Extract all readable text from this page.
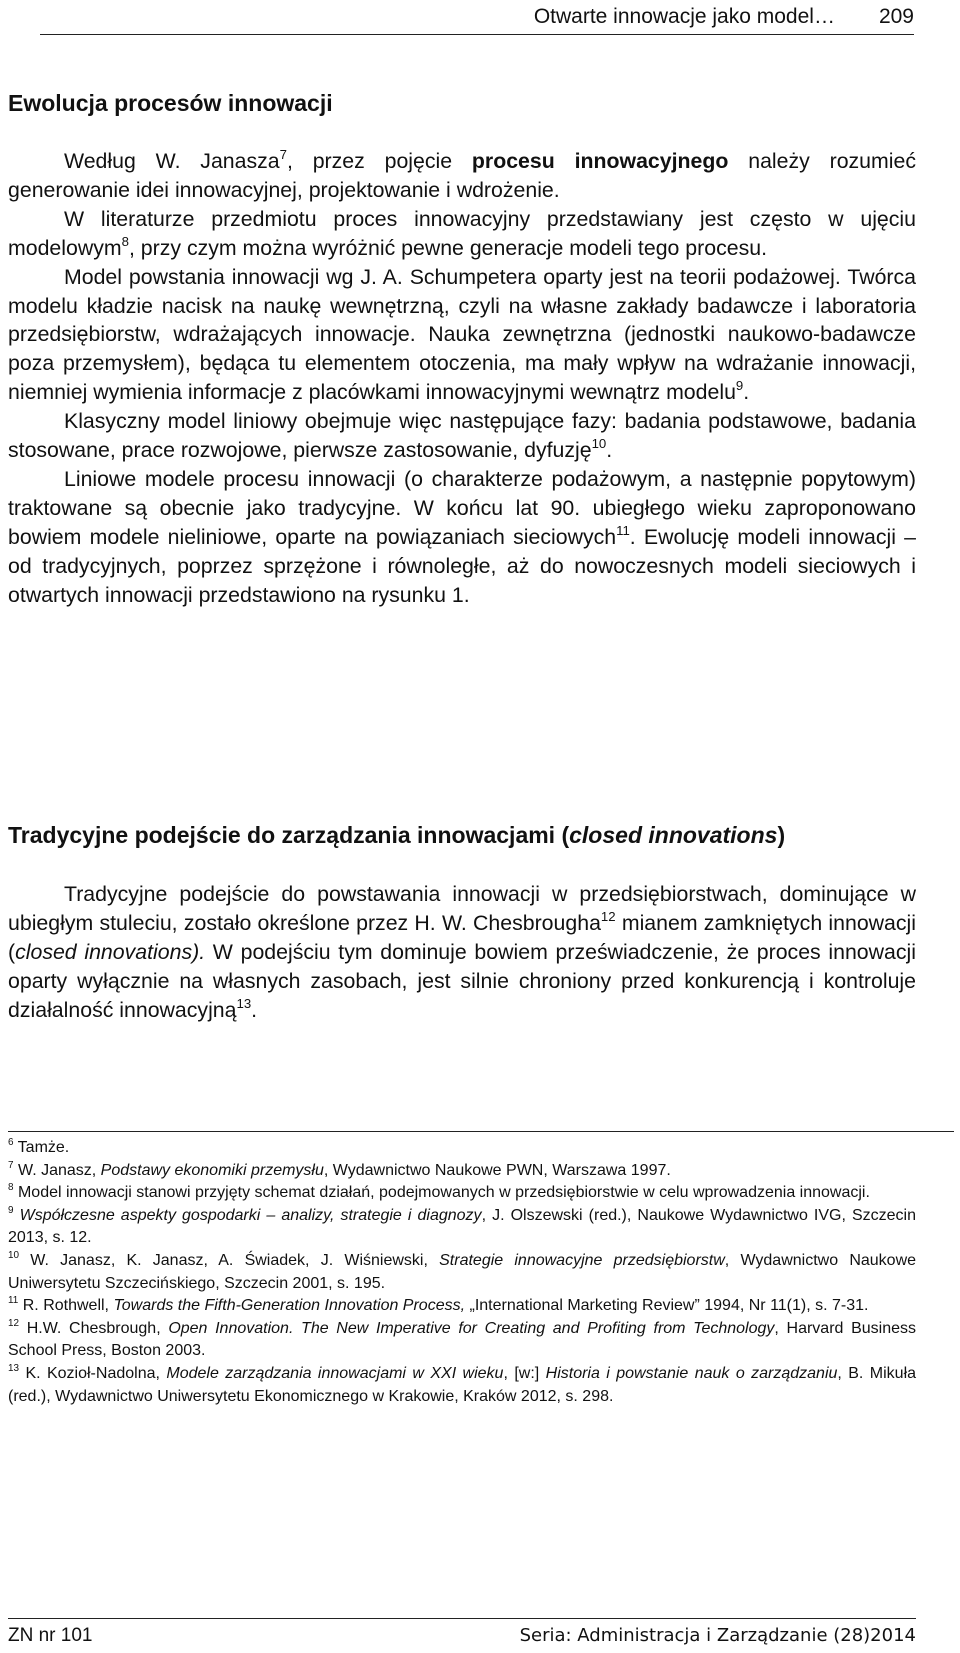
Otwarte innowacje jako model… 209
Ewolucja procesów innowacji

Według W. Janasza$^7$, przez pojęcie procesu innowacyjnego należy rozumieć generowanie idei innowacyjnej, projektowanie i wdrożenie.

W literaturze przedmiotu proces innowacyjny przedstawiany jest często w ujęciu modelowym$^8$, przy czym można wyróżnić pewne generacje modeli tego procesu.

Model powstania innowacji wg J. A. Schumpetera oparty jest na teorii podażowej. Twórca modelu kładzie nacisk na naukę wewnętrzną, czyli na własne zakłady badawcze i laboratoria przedsiębiorstw, wdrażających innowacje. Nauka zewnętrzna (jednostki naukowo-badawcze poza przemysłem), będąca tu elementem otoczenia, ma mały wpływ na wdrażanie innowacji, niemniej wymienia informacje z placówkami innowacyjnymi wewnątrz modelu$^9$.

Klasyczny model liniowy obejmuje więc następujące fazy: badania podstawowe, badania stosowane, prace rozwojowe, pierwsze zastosowanie, dyfuzję$^{10}$.

Liniowe modele procesu innowacji (o charakterze podażowym, a następnie popytowym) traktowane są obecnie jako tradycyjne. W końcu lat 90. ubiegłego wieku zaproponowano bowiem modele nieliniowe, oparte na powiązaniach sieciowych$^{11}$. Ewolucję modeli innowacji – od tradycyjnych, poprzez sprzężone i równoległe, aż do nowoczesnych modeli sieciowych i otwartych innowacji przedstawiono na rysunku 1.

Tradycyjne podejście do zarządzania innowacjami (closed innovations)

Tradycyjne podejście do powstawania innowacji w przedsiębiorstwach, dominujące w ubiegłym stuleciu, zostało określone przez H. W. Chesbrougha$^{12}$ mianem zamkniętych innowacji (closed innovations). W podejściu tym dominuje bowiem przeświadczenie, że proces innowacji oparty wyłącznie na własnych zasobach, jest silnie chroniony przed konkurencją i kontroluje działalność innowacyjną$^{13}$.

$^6$ Tamże.

$^7$ W. Janasz, Podstawy ekonomiki przemysłu, Wydawnictwo Naukowe PWN, Warszawa 1997.

$^8$ Model innowacji stanowi przyjęty schemat działań, podejmowanych w przedsiębiorstwie w celu wprowadzenia innowacji.

$^9$ Współczesne aspekty gospodarki – analizy, strategie i diagnozy, J. Olszewski (red.), Naukowe Wydawnictwo IVG, Szczecin 2013, s. 12.

$^{10}$ W. Janasz, K. Janasz, A. Świadek, J. Wiśniewski, Strategie innowacyjne przedsiębiorstw, Wydawnictwo Naukowe Uniwersytetu Szczecińskiego, Szczecin 2001, s. 195.

$^{11}$ R. Rothwell, Towards the Fifth-Generation Innovation Process, „International Marketing Review” 1994, Nr 11(1), s. 7-31.

$^{12}$ H.W. Chesbrough, Open Innovation. The New Imperative for Creating and Profiting from Technology, Harvard Business School Press, Boston 2003.

$^{13}$ K. Kozioł-Nadolna, Modele zarządzania innowacjami w XXI wieku, [w:] Historia i powstanie nauk o zarządzaniu, B. Mikuła (red.), Wydawnictwo Uniwersytetu Ekonomicznego w Krakowie, Kraków 2012, s. 298.

ZN nr 101	Seria: Administracja i Zarządzanie (28)2014
